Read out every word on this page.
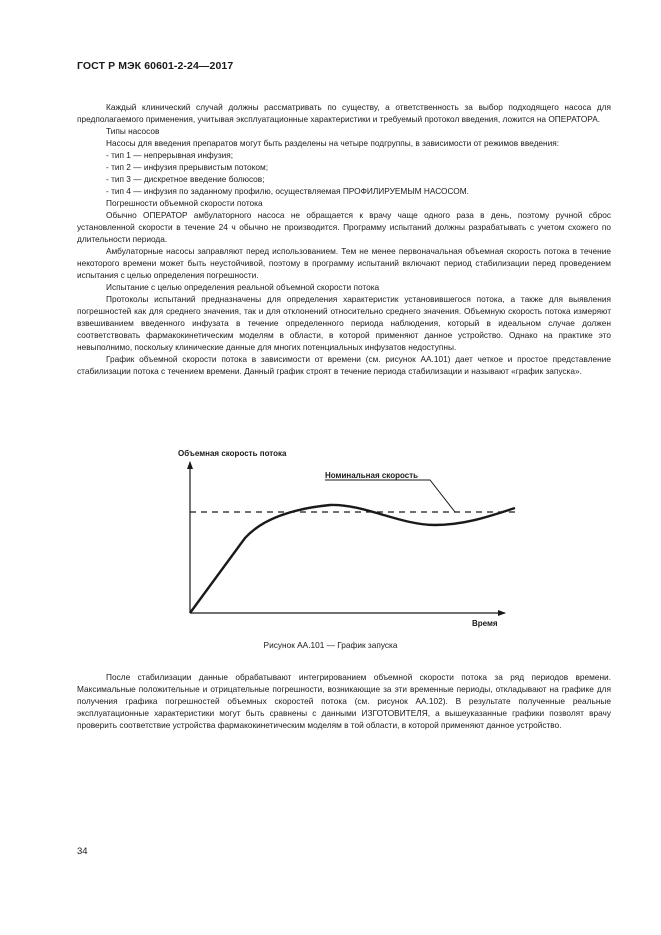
ГОСТ Р МЭК 60601-2-24—2017

Каждый клинический случай должны рассматривать по существу, а ответственность за выбор подходящего насоса для предполагаемого применения, учитывая эксплуатационные характеристики и требуемый протокол введения, ложится на ОПЕРАТОРА.

Типы насосов

Насосы для введения препаратов могут быть разделены на четыре подгруппы, в зависимости от режимов введения:

- тип 1 — непрерывная инфузия;

- тип 2 — инфузия прерывистым потоком;

- тип 3 — дискретное введение болюсов;

- тип 4 — инфузия по заданному профилю, осуществляемая ПРОФИЛИРУЕМЫМ НАСОСОМ.

Погрешности объемной скорости потока

Обычно ОПЕРАТОР амбулаторного насоса не обращается к врачу чаще одного раза в день, поэтому ручной сброс установленной скорости в течение 24 ч обычно не производится. Программу испытаний должны разрабатывать с учетом схожего по длительности периода.

Амбулаторные насосы заправляют перед использованием. Тем не менее первоначальная объемная скорость потока в течение некоторого времени может быть неустойчивой, поэтому в программу испытаний включают период стабилизации перед проведением испытания с целью определения погрешности.

Испытание с целью определения реальной объемной скорости потока

Протоколы испытаний предназначены для определения характеристик установившегося потока, а также для выявления погрешностей как для среднего значения, так и для отклонений относительно среднего значения. Объемную скорость потока измеряют взвешиванием введенного инфузата в течение определенного периода наблюдения, который в идеальном случае должен соответствовать фармакокинетическим моделям в области, в которой применяют данное устройство. Однако на практике это невыполнимо, поскольку клинические данные для многих потенциальных инфузатов недоступны.

График объемной скорости потока в зависимости от времени (см. рисунок АА.101) дает четкое и простое представление стабилизации потока с течением времени. Данный график строят в течение периода стабилизации и называют «график запуска».

Объемная скорость потока
Время
Номинальная скорость
Рисунок АА.101 — График запуска

После стабилизации данные обрабатывают интегрированием объемной скорости потока за ряд периодов времени. Максимальные положительные и отрицательные погрешности, возникающие за эти временные периоды, откладывают на графике для получения графика погрешностей объемных скоростей потока (см. рисунок АА.102). В результате полученные реальные эксплуатационные характеристики могут быть сравнены с данными ИЗГОТОВИТЕЛЯ, а вышеуказанные графики позволят врачу проверить соответствие устройства фармакокинетическим моделям в той области, в которой применяют данное устройство.

34
